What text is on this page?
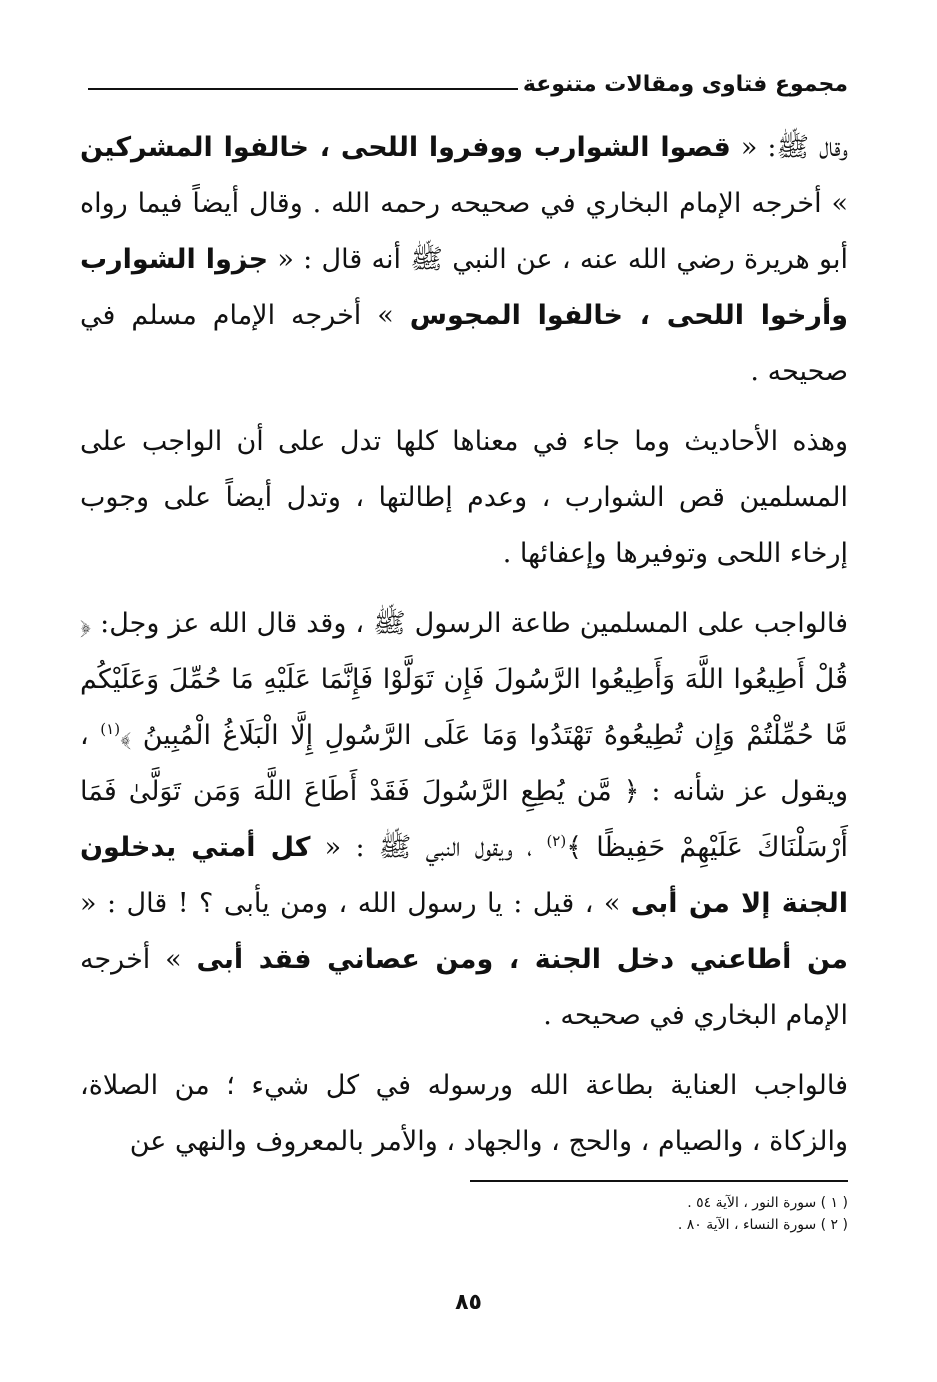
مجموع فتاوى ومقالات متنوعة

وقال ﷺ: « قصوا الشوارب ووفروا اللحى ، خالفوا المشركين » أخرجه الإمام البخاري في صحيحه رحمه الله . وقال أيضاً فيما رواه أبو هريرة رضي الله عنه ، عن النبي ﷺ أنه قال : « جزوا الشوارب وأرخوا اللحى ، خالفوا المجوس » أخرجه الإمام مسلم في صحيحه .

وهذه الأحاديث وما جاء في معناها كلها تدل على أن الواجب على المسلمين قص الشوارب ، وعدم إطالتها ، وتدل أيضاً على وجوب إرخاء اللحى وتوفيرها وإعفائها .

فالواجب على المسلمين طاعة الرسول ﷺ ، وقد قال الله عز وجل: ﴿ قُلْ أَطِيعُوا اللَّهَ وَأَطِيعُوا الرَّسُولَ فَإِن تَوَلَّوْا فَإِنَّمَا عَلَيْهِ مَا حُمِّلَ وَعَلَيْكُم مَّا حُمِّلْتُمْ وَإِن تُطِيعُوهُ تَهْتَدُوا وَمَا عَلَى الرَّسُولِ إِلَّا الْبَلَاغُ الْمُبِينُ ﴾$^{(١)}$ ، ويقول عز شأنه : ﴿ مَّن يُطِعِ الرَّسُولَ فَقَدْ أَطَاعَ اللَّهَ وَمَن تَوَلَّىٰ فَمَا أَرْسَلْنَاكَ عَلَيْهِمْ حَفِيظًا ﴾$^{(٢)}$ ، ويقول النبي ﷺ : « كل أمتي يدخلون الجنة إلا من أبى » ، قيل : يا رسول الله ، ومن يأبى ؟ ! قال : « من أطاعني دخل الجنة ، ومن عصاني فقد أبى » أخرجه الإمام البخاري في صحيحه .

فالواجب العناية بطاعة الله ورسوله في كل شيء ؛ من الصلاة، والزكاة ، والصيام ، والحج ، والجهاد ، والأمر بالمعروف والنهي عن

( ١ ) سورة النور ، الآية ٥٤ .
( ٢ ) سورة النساء ، الآية ٨٠ .
٨٥
